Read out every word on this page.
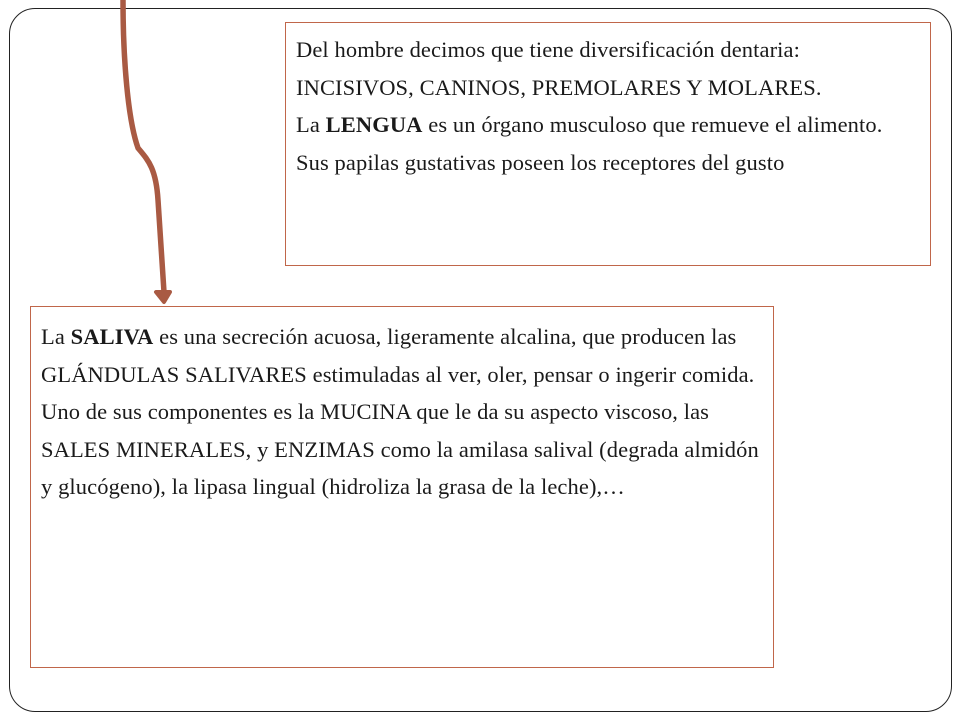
Del hombre decimos que tiene diversificación dentaria: INCISIVOS, CANINOS, PREMOLARES Y MOLARES.

La LENGUA es un órgano musculoso que remueve el alimento. Sus papilas gustativas poseen los receptores del gusto

La SALIVA es una secreción acuosa, ligeramente alcalina, que producen las GLÁNDULAS SALIVARES estimuladas al ver, oler, pensar o ingerir comida.

Uno de sus componentes es la MUCINA que le da su aspecto viscoso, las SALES MINERALES, y ENZIMAS como la amilasa salival (degrada almidón y glucógeno), la lipasa lingual (hidroliza la grasa de la leche),…
